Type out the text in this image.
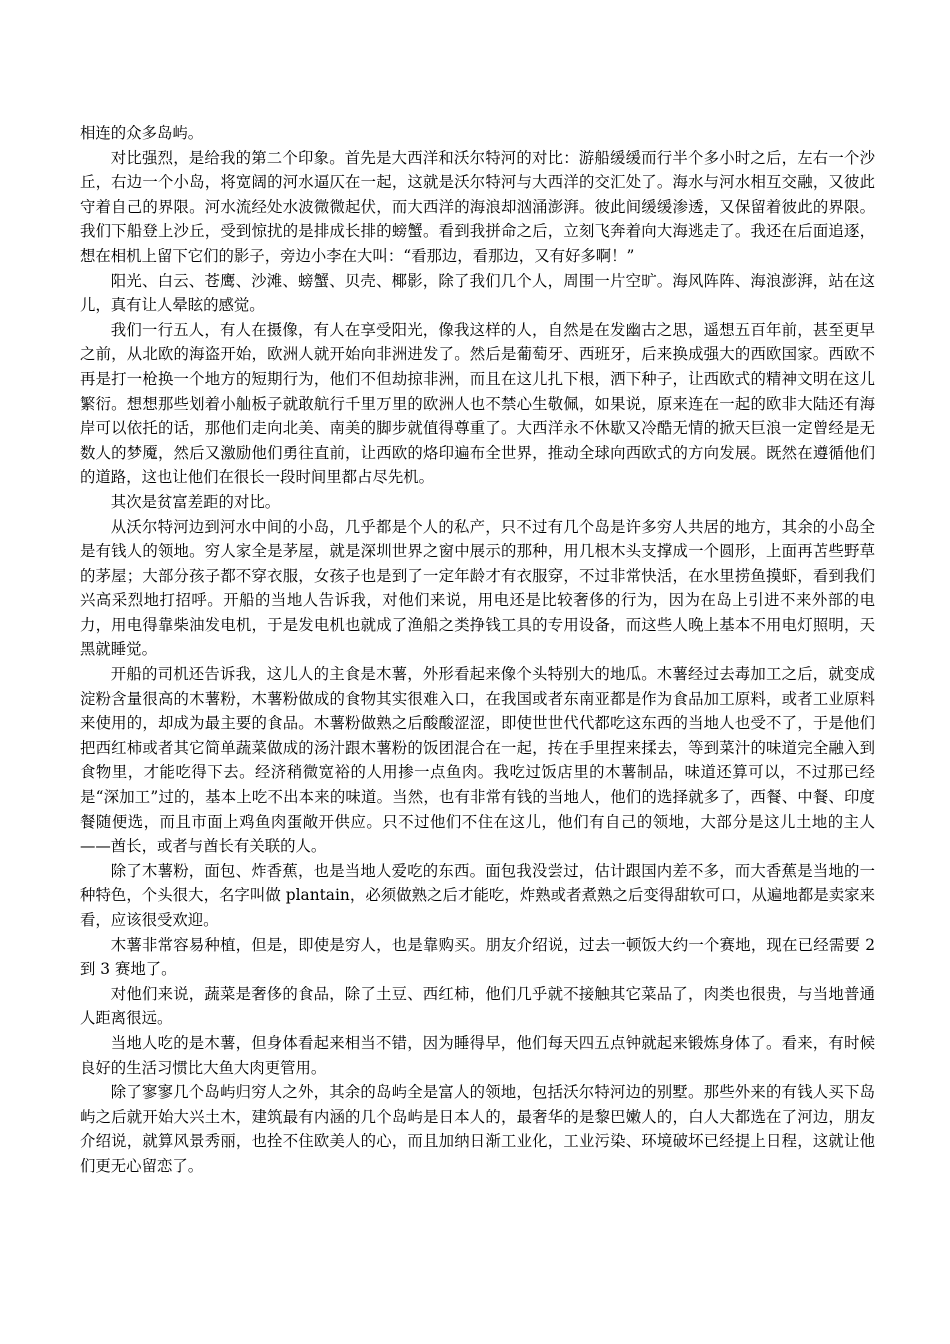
相连的众多岛屿。

对比强烈，是给我的第二个印象。首先是大西洋和沃尔特河的对比：游船缓缓而行半个多小时之后，左右一个沙丘，右边一个小岛，将宽阔的河水逼仄在一起，这就是沃尔特河与大西洋的交汇处了。海水与河水相互交融，又彼此守着自己的界限。河水流经处水波微微起伏，而大西洋的海浪却汹涌澎湃。彼此间缓缓渗透，又保留着彼此的界限。我们下船登上沙丘，受到惊扰的是排成长排的螃蟹。看到我拼命之后，立刻飞奔着向大海逃走了。我还在后面追逐，想在相机上留下它们的影子，旁边小李在大叫：“看那边，看那边，又有好多啊！”

阳光、白云、苍鹰、沙滩、螃蟹、贝壳、椰影，除了我们几个人，周围一片空旷。海风阵阵、海浪澎湃，站在这儿，真有让人晕眩的感觉。

我们一行五人，有人在摄像，有人在享受阳光，像我这样的人，自然是在发幽古之思，遥想五百年前，甚至更早之前，从北欧的海盗开始，欧洲人就开始向非洲进发了。然后是葡萄牙、西班牙，后来换成强大的西欧国家。西欧不再是打一枪换一个地方的短期行为，他们不但劫掠非洲，而且在这儿扎下根，洒下种子，让西欧式的精神文明在这儿繁衍。想想那些划着小舢板子就敢航行千里万里的欧洲人也不禁心生敬佩，如果说，原来连在一起的欧非大陆还有海岸可以依托的话，那他们走向北美、南美的脚步就值得尊重了。大西洋永不休歇又冷酷无情的掀天巨浪一定曾经是无数人的梦魇，然后又激励他们勇往直前，让西欧的烙印遍布全世界，推动全球向西欧式的方向发展。既然在遵循他们的道路，这也让他们在很长一段时间里都占尽先机。

其次是贫富差距的对比。

从沃尔特河边到河水中间的小岛，几乎都是个人的私产，只不过有几个岛是许多穷人共居的地方，其余的小岛全是有钱人的领地。穷人家全是茅屋，就是深圳世界之窗中展示的那种，用几根木头支撑成一个圆形，上面再苫些野草的茅屋；大部分孩子都不穿衣服，女孩子也是到了一定年龄才有衣服穿，不过非常快活，在水里捞鱼摸虾，看到我们兴高采烈地打招呼。开船的当地人告诉我，对他们来说，用电还是比较奢侈的行为，因为在岛上引进不来外部的电力，用电得靠柴油发电机，于是发电机也就成了渔船之类挣钱工具的专用设备，而这些人晚上基本不用电灯照明，天黑就睡觉。

开船的司机还告诉我，这儿人的主食是木薯，外形看起来像个头特别大的地瓜。木薯经过去毒加工之后，就变成淀粉含量很高的木薯粉，木薯粉做成的食物其实很难入口，在我国或者东南亚都是作为食品加工原料，或者工业原料来使用的，却成为最主要的食品。木薯粉做熟之后酸酸涩涩，即使世世代代都吃这东西的当地人也受不了，于是他们把西红柿或者其它简单蔬菜做成的汤汁跟木薯粉的饭团混合在一起，抟在手里捏来揉去，等到菜汁的味道完全融入到食物里，才能吃得下去。经济稍微宽裕的人用掺一点鱼肉。我吃过饭店里的木薯制品，味道还算可以，不过那已经是“深加工”过的，基本上吃不出本来的味道。当然，也有非常有钱的当地人，他们的选择就多了，西餐、中餐、印度餐随便选，而且市面上鸡鱼肉蛋敞开供应。只不过他们不住在这儿，他们有自己的领地，大部分是这儿土地的主人——酋长，或者与酋长有关联的人。

除了木薯粉，面包、炸香蕉，也是当地人爱吃的东西。面包我没尝过，估计跟国内差不多，而大香蕉是当地的一种特色，个头很大，名字叫做 plantain，必须做熟之后才能吃，炸熟或者煮熟之后变得甜软可口，从遍地都是卖家来看，应该很受欢迎。

木薯非常容易种植，但是，即使是穷人，也是靠购买。朋友介绍说，过去一顿饭大约一个赛地，现在已经需要 2 到 3 赛地了。

对他们来说，蔬菜是奢侈的食品，除了土豆、西红柿，他们几乎就不接触其它菜品了，肉类也很贵，与当地普通人距离很远。

当地人吃的是木薯，但身体看起来相当不错，因为睡得早，他们每天四五点钟就起来锻炼身体了。看来，有时候良好的生活习惯比大鱼大肉更管用。

除了寥寥几个岛屿归穷人之外，其余的岛屿全是富人的领地，包括沃尔特河边的别墅。那些外来的有钱人买下岛屿之后就开始大兴土木，建筑最有内涵的几个岛屿是日本人的，最奢华的是黎巴嫩人的，白人大都选在了河边，朋友介绍说，就算风景秀丽，也拴不住欧美人的心，而且加纳日渐工业化，工业污染、环境破坏已经提上日程，这就让他们更无心留恋了。
